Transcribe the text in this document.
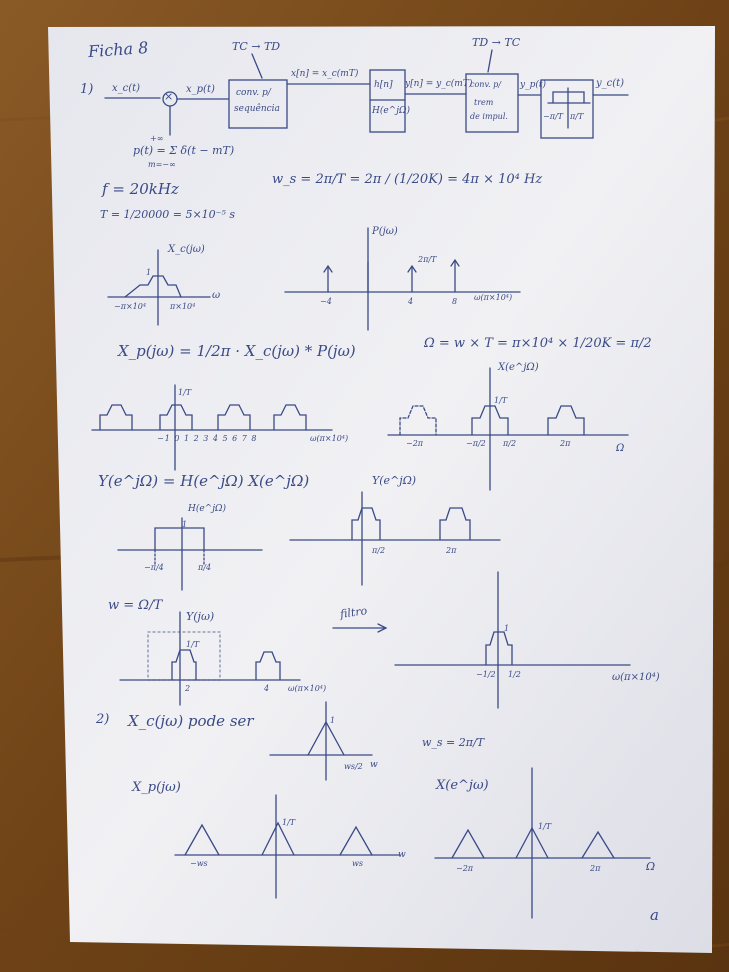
Ficha 8
1) x_c(t)
×
x_p(t)
TC → TD
conv. p/
sequência
x[n] = x_c(mT)
h[n]
H(e^jΩ)
y[n] = y_c(mT)
TD → TC
conv. p/
trem
de impul.
y_p(t)
−π/T π/T
y_c(t)
+∞
p(t) = Σ δ(t − mT)
m=−∞
w_s = 2π/T = 2π / (1/20K) = 4π × 10⁴ Hz
f = 20kHz
T = 1/20000 = 5×10⁻⁵ s
X_c(jω)
1
−π×10⁴	π×10⁴
ω
P(jω)
2π/T
−4	4	8 ω(π×10⁴)
X_p(jω) = 1/2π · X_c(jω) * P(jω)	Ω = w × T = π×10⁴ × 1/20K = π/2
1/T
−1 0 1 2 3 4 5 6 7 8	ω(π×10⁴)
X(e^jΩ)
1/T
−2π	−π/2 π/2	2π	Ω
Y(e^jΩ) = H(e^jΩ) X(e^jΩ)
H(e^jΩ)
1
−π/4	π/4
Y(e^jΩ)
π/2	2π
w = Ω/T
Y(jω)
1/T
2	4 ω(π×10⁴)
filtro
1
−1/2 1/2	ω(π×10⁴)
2) X_c(jω) pode ser	1
ws/2 w
w_s = 2π/T
X_p(jω)
1/T
−ws	ws
w
X(e^jω)
1/T
−2π	2π	Ω
a
